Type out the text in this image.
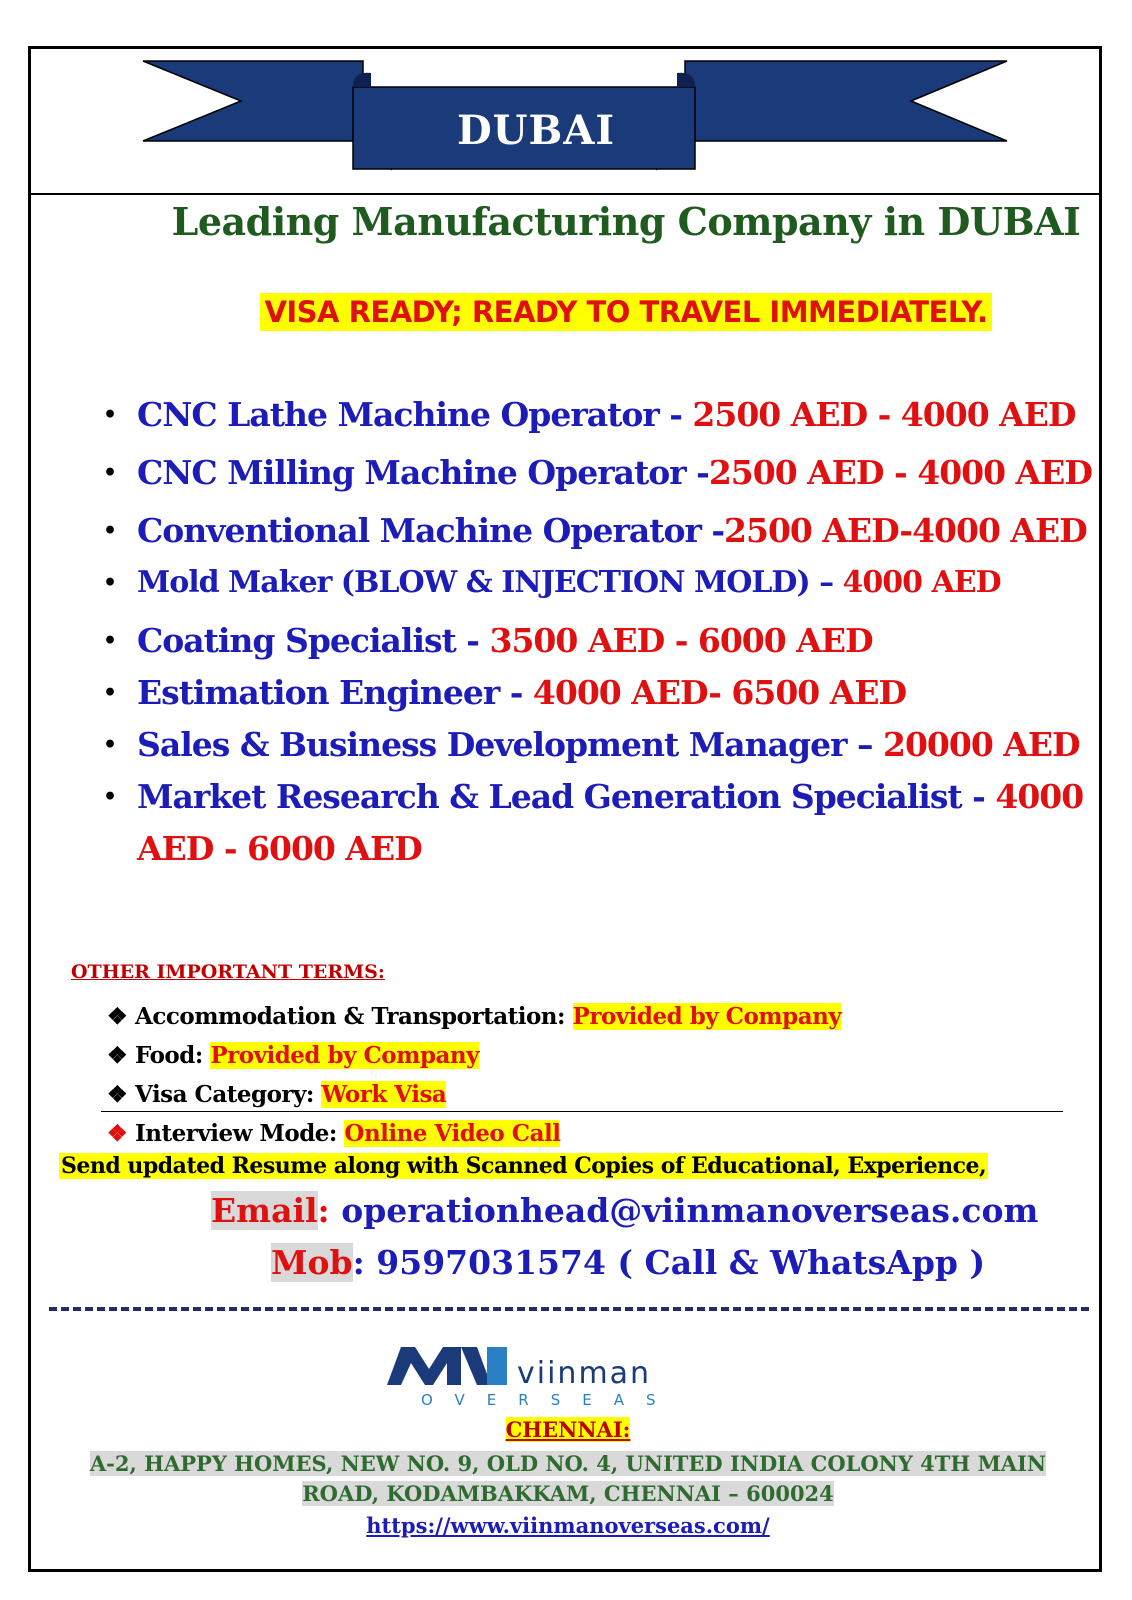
DUBAI
Leading Manufacturing Company in DUBAI
VISA READY; READY TO TRAVEL IMMEDIATELY.
• CNC Lathe Machine Operator - 2500 AED - 4000 AED
• CNC Milling Machine Operator -2500 AED - 4000 AED
• Conventional Machine Operator -2500 AED-4000 AED
• Mold Maker (BLOW & INJECTION MOLD) – 4000 AED
• Coating Specialist - 3500 AED - 6000 AED
• Estimation Engineer - 4000 AED- 6500 AED
• Sales & Business Development Manager – 20000 AED
• Market Research & Lead Generation Specialist - 4000 AED - 6000 AED
OTHER IMPORTANT TERMS:
❖ Accommodation & Transportation: Provided by Company
❖ Food: Provided by Company
❖ Visa Category: Work Visa
❖ Interview Mode: Online Video Call
Send updated Resume along with Scanned Copies of Educational, Experience,
Email: operationhead@viinmanoverseas.com
Mob: 9597031574 ( Call & WhatsApp )
viinman
OVERSEAS
CHENNAI:
A-2, HAPPY HOMES, NEW NO. 9, OLD NO. 4, UNITED INDIA COLONY 4TH MAIN
ROAD, KODAMBAKKAM, CHENNAI – 600024
https://www.viinmanoverseas.com/
